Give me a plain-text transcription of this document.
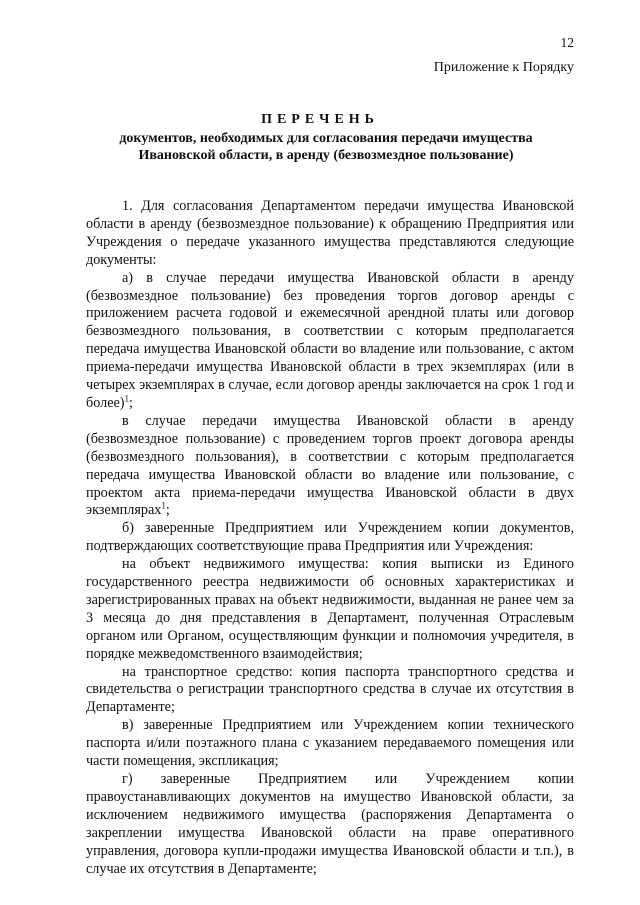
12
Приложение к Порядку
ПЕРЕЧЕНЬ
документов, необходимых для согласования передачи имущества Ивановской области, в аренду (безвозмездное пользование)

1. Для согласования Департаментом передачи имущества Ивановской области в аренду (безвозмездное пользование) к обращению Предприятия или Учреждения о передаче указанного имущества представляются следующие документы:

а) в случае передачи имущества Ивановской области в аренду (безвозмездное пользование) без проведения торгов договор аренды с приложением расчета годовой и ежемесячной арендной платы или договор безвозмездного пользования, в соответствии с которым предполагается передача имущества Ивановской области во владение или пользование, с актом приема-передачи имущества Ивановской области в трех экземплярах (или в четырех экземплярах в случае, если договор аренды заключается на срок 1 год и более)$^1$;

в случае передачи имущества Ивановской области в аренду (безвозмездное пользование) с проведением торгов проект договора аренды (безвозмездного пользования), в соответствии с которым предполагается передача имущества Ивановской области во владение или пользование, с проектом акта приема-передачи имущества Ивановской области в двух экземплярах$^1$;

б) заверенные Предприятием или Учреждением копии документов, подтверждающих соответствующие права Предприятия или Учреждения:

на объект недвижимого имущества: копия выписки из Единого государственного реестра недвижимости об основных характеристиках и зарегистрированных правах на объект недвижимости, выданная не ранее чем за 3 месяца до дня представления в Департамент, полученная Отраслевым органом или Органом, осуществляющим функции и полномочия учредителя, в порядке межведомственного взаимодействия;

на транспортное средство: копия паспорта транспортного средства и свидетельства о регистрации транспортного средства в случае их отсутствия в Департаменте;

в) заверенные Предприятием или Учреждением копии технического паспорта и/или поэтажного плана с указанием передаваемого помещения или части помещения, экспликация;

г) заверенные Предприятием или Учреждением копии правоустанавливающих документов на имущество Ивановской области, за исключением недвижимого имущества (распоряжения Департамента о закреплении имущества Ивановской области на праве оперативного управления, договора купли-продажи имущества Ивановской области и т.п.), в случае их отсутствия в Департаменте;
